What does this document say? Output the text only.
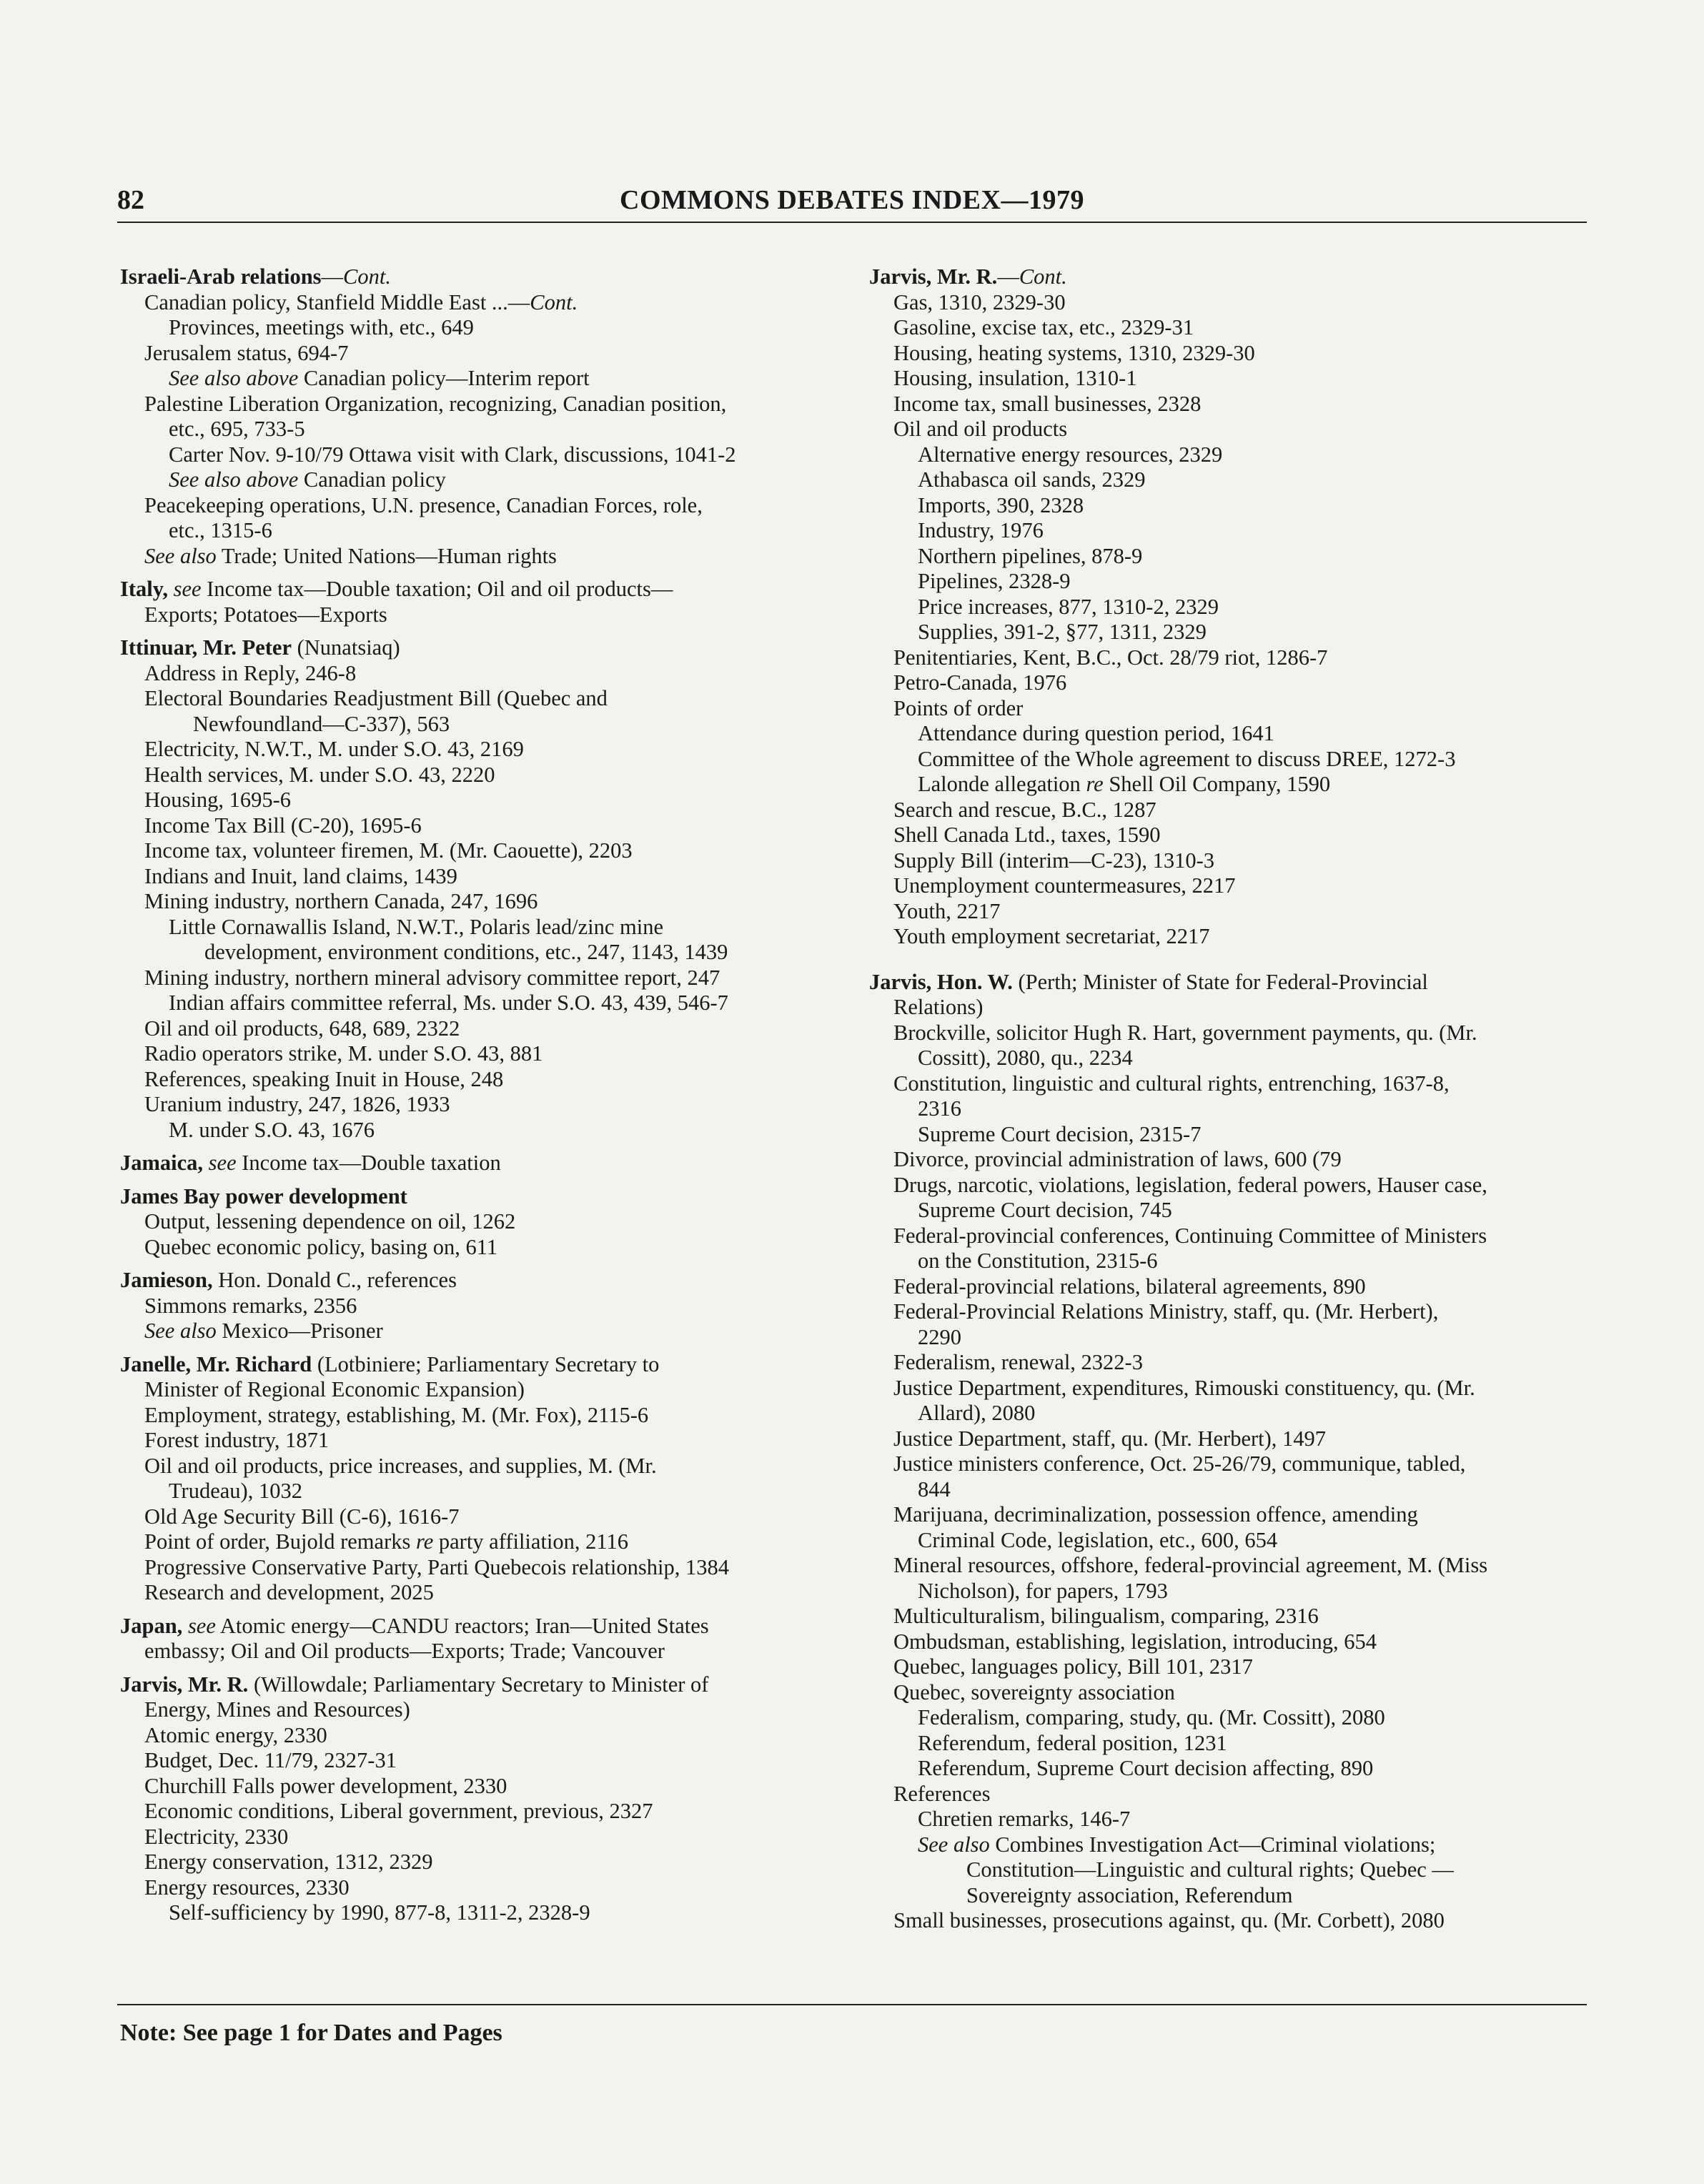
82	COMMONS DEBATES INDEX—1979
Israeli-Arab relations—Cont.
Canadian policy, Stanfield Middle East ...—Cont.
Provinces, meetings with, etc., 649
Jerusalem status, 694-7
See also above Canadian policy—Interim report
Palestine Liberation Organization, recognizing, Canadian position,
etc., 695, 733-5
Carter Nov. 9-10/79 Ottawa visit with Clark, discussions, 1041-2
See also above Canadian policy
Peacekeeping operations, U.N. presence, Canadian Forces, role,
etc., 1315-6
See also Trade; United Nations—Human rights
Italy, see Income tax—Double taxation; Oil and oil products—
Exports; Potatoes—Exports
Ittinuar, Mr. Peter (Nunatsiaq)
Address in Reply, 246-8
Electoral Boundaries Readjustment Bill (Quebec and
Newfoundland—C-337), 563
Electricity, N.W.T., M. under S.O. 43, 2169
Health services, M. under S.O. 43, 2220
Housing, 1695-6
Income Tax Bill (C-20), 1695-6
Income tax, volunteer firemen, M. (Mr. Caouette), 2203
Indians and Inuit, land claims, 1439
Mining industry, northern Canada, 247, 1696
Little Cornawallis Island, N.W.T., Polaris lead/zinc mine
development, environment conditions, etc., 247, 1143, 1439
Mining industry, northern mineral advisory committee report, 247
Indian affairs committee referral, Ms. under S.O. 43, 439, 546-7
Oil and oil products, 648, 689, 2322
Radio operators strike, M. under S.O. 43, 881
References, speaking Inuit in House, 248
Uranium industry, 247, 1826, 1933
M. under S.O. 43, 1676
Jamaica, see Income tax—Double taxation
James Bay power development
Output, lessening dependence on oil, 1262
Quebec economic policy, basing on, 611
Jamieson, Hon. Donald C., references
Simmons remarks, 2356
See also Mexico—Prisoner
Janelle, Mr. Richard (Lotbiniere; Parliamentary Secretary to
Minister of Regional Economic Expansion)
Employment, strategy, establishing, M. (Mr. Fox), 2115-6
Forest industry, 1871
Oil and oil products, price increases, and supplies, M. (Mr.
Trudeau), 1032
Old Age Security Bill (C-6), 1616-7
Point of order, Bujold remarks re party affiliation, 2116
Progressive Conservative Party, Parti Quebecois relationship, 1384
Research and development, 2025
Japan, see Atomic energy—CANDU reactors; Iran—United States
embassy; Oil and Oil products—Exports; Trade; Vancouver
Jarvis, Mr. R. (Willowdale; Parliamentary Secretary to Minister of
Energy, Mines and Resources)
Atomic energy, 2330
Budget, Dec. 11/79, 2327-31
Churchill Falls power development, 2330
Economic conditions, Liberal government, previous, 2327
Electricity, 2330
Energy conservation, 1312, 2329
Energy resources, 2330
Self-sufficiency by 1990, 877-8, 1311-2, 2328-9
Jarvis, Mr. R.—Cont.
Gas, 1310, 2329-30
Gasoline, excise tax, etc., 2329-31
Housing, heating systems, 1310, 2329-30
Housing, insulation, 1310-1
Income tax, small businesses, 2328
Oil and oil products
Alternative energy resources, 2329
Athabasca oil sands, 2329
Imports, 390, 2328
Industry, 1976
Northern pipelines, 878-9
Pipelines, 2328-9
Price increases, 877, 1310-2, 2329
Supplies, 391-2, §77, 1311, 2329
Penitentiaries, Kent, B.C., Oct. 28/79 riot, 1286-7
Petro-Canada, 1976
Points of order
Attendance during question period, 1641
Committee of the Whole agreement to discuss DREE, 1272-3
Lalonde allegation re Shell Oil Company, 1590
Search and rescue, B.C., 1287
Shell Canada Ltd., taxes, 1590
Supply Bill (interim—C-23), 1310-3
Unemployment countermeasures, 2217
Youth, 2217
Youth employment secretariat, 2217
Jarvis, Hon. W. (Perth; Minister of State for Federal-Provincial
Relations)
Brockville, solicitor Hugh R. Hart, government payments, qu. (Mr.
Cossitt), 2080, qu., 2234
Constitution, linguistic and cultural rights, entrenching, 1637-8,
2316
Supreme Court decision, 2315-7
Divorce, provincial administration of laws, 600 (79
Drugs, narcotic, violations, legislation, federal powers, Hauser case,
Supreme Court decision, 745
Federal-provincial conferences, Continuing Committee of Ministers
on the Constitution, 2315-6
Federal-provincial relations, bilateral agreements, 890
Federal-Provincial Relations Ministry, staff, qu. (Mr. Herbert),
2290
Federalism, renewal, 2322-3
Justice Department, expenditures, Rimouski constituency, qu. (Mr.
Allard), 2080
Justice Department, staff, qu. (Mr. Herbert), 1497
Justice ministers conference, Oct. 25-26/79, communique, tabled,
844
Marijuana, decriminalization, possession offence, amending
Criminal Code, legislation, etc., 600, 654
Mineral resources, offshore, federal-provincial agreement, M. (Miss
Nicholson), for papers, 1793
Multiculturalism, bilingualism, comparing, 2316
Ombudsman, establishing, legislation, introducing, 654
Quebec, languages policy, Bill 101, 2317
Quebec, sovereignty association
Federalism, comparing, study, qu. (Mr. Cossitt), 2080
Referendum, federal position, 1231
Referendum, Supreme Court decision affecting, 890
References
Chretien remarks, 146-7
See also Combines Investigation Act—Criminal violations;
Constitution—Linguistic and cultural rights; Quebec —
Sovereignty association, Referendum
Small businesses, prosecutions against, qu. (Mr. Corbett), 2080
Note: See page 1 for Dates and Pages
